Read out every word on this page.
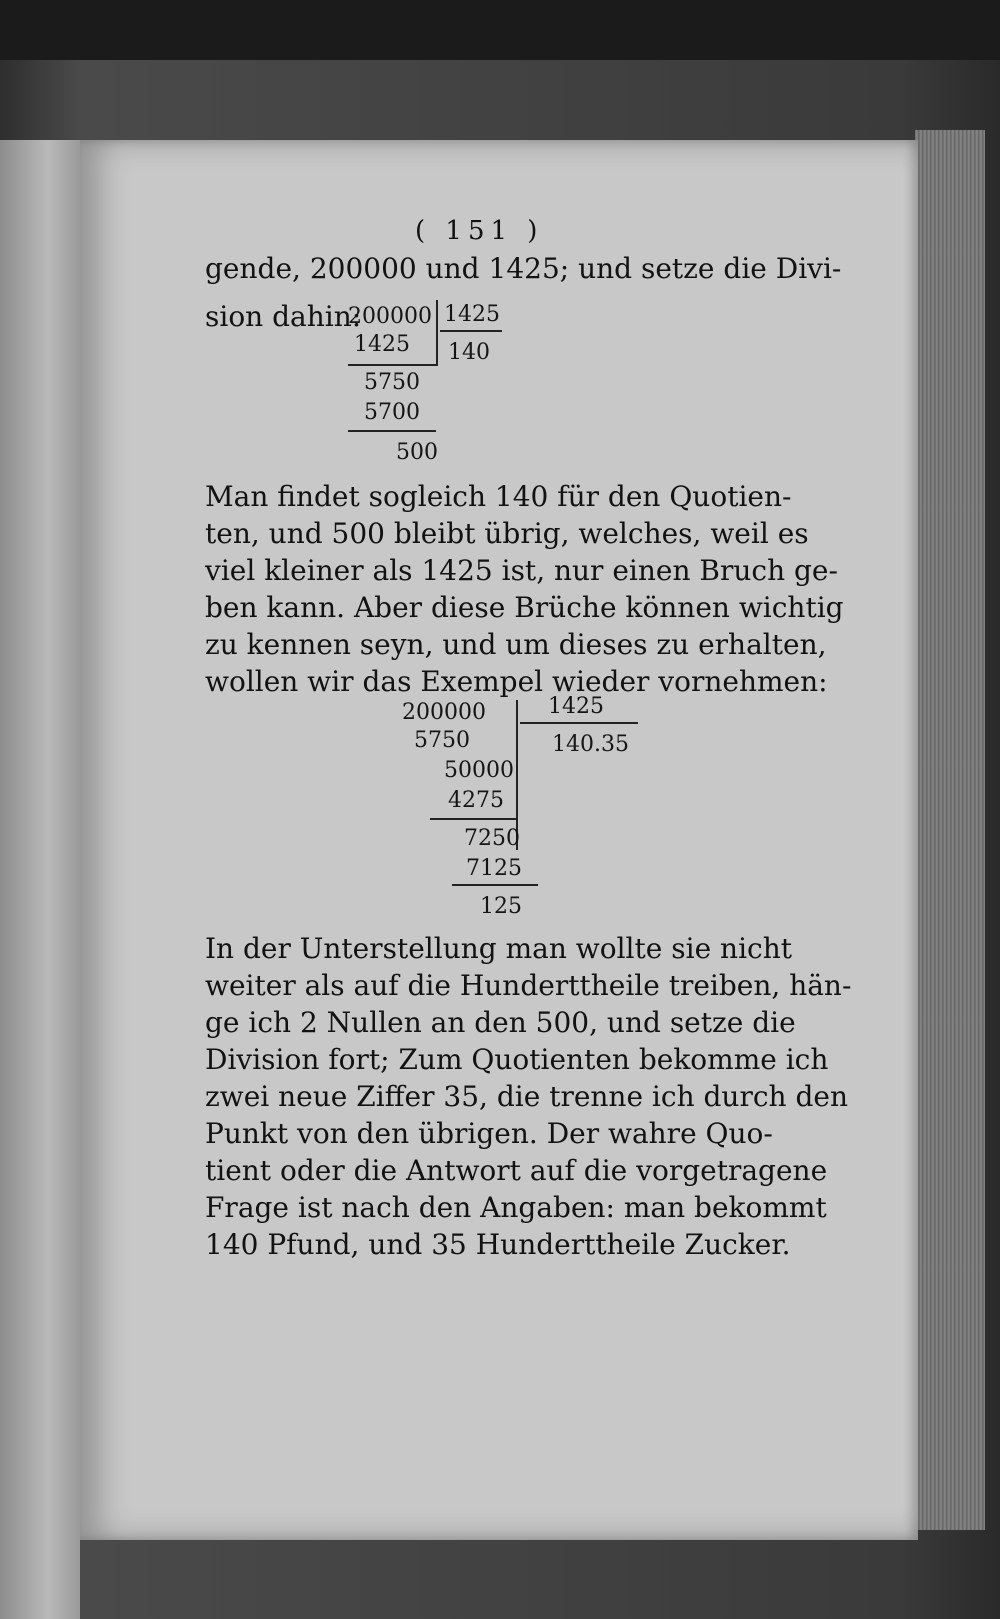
( 151 )
gende, 200000 und 1425; und setze die Divi-
sion dahin:
200000 1425
140
1425
5750
5700
500
Man findet sogleich 140 für den Quotien-
ten, und 500 bleibt übrig, welches, weil es
viel kleiner als 1425 ist, nur einen Bruch ge-
ben kann. Aber diese Brüche können wichtig
zu kennen seyn, und um dieses zu erhalten,
wollen wir das Exempel wieder vornehmen:
200000	1425
140.35
5750
50000
4275
7250
7125
125
In der Unterstellung man wollte sie nicht
weiter als auf die Hunderttheile treiben, hän-
ge ich 2 Nullen an den 500, und setze die
Division fort; Zum Quotienten bekomme ich
zwei neue Ziffer 35, die trenne ich durch den
Punkt von den übrigen. Der wahre Quo-
tient oder die Antwort auf die vorgetragene
Frage ist nach den Angaben: man bekommt
140 Pfund, und 35 Hunderttheile Zucker.
